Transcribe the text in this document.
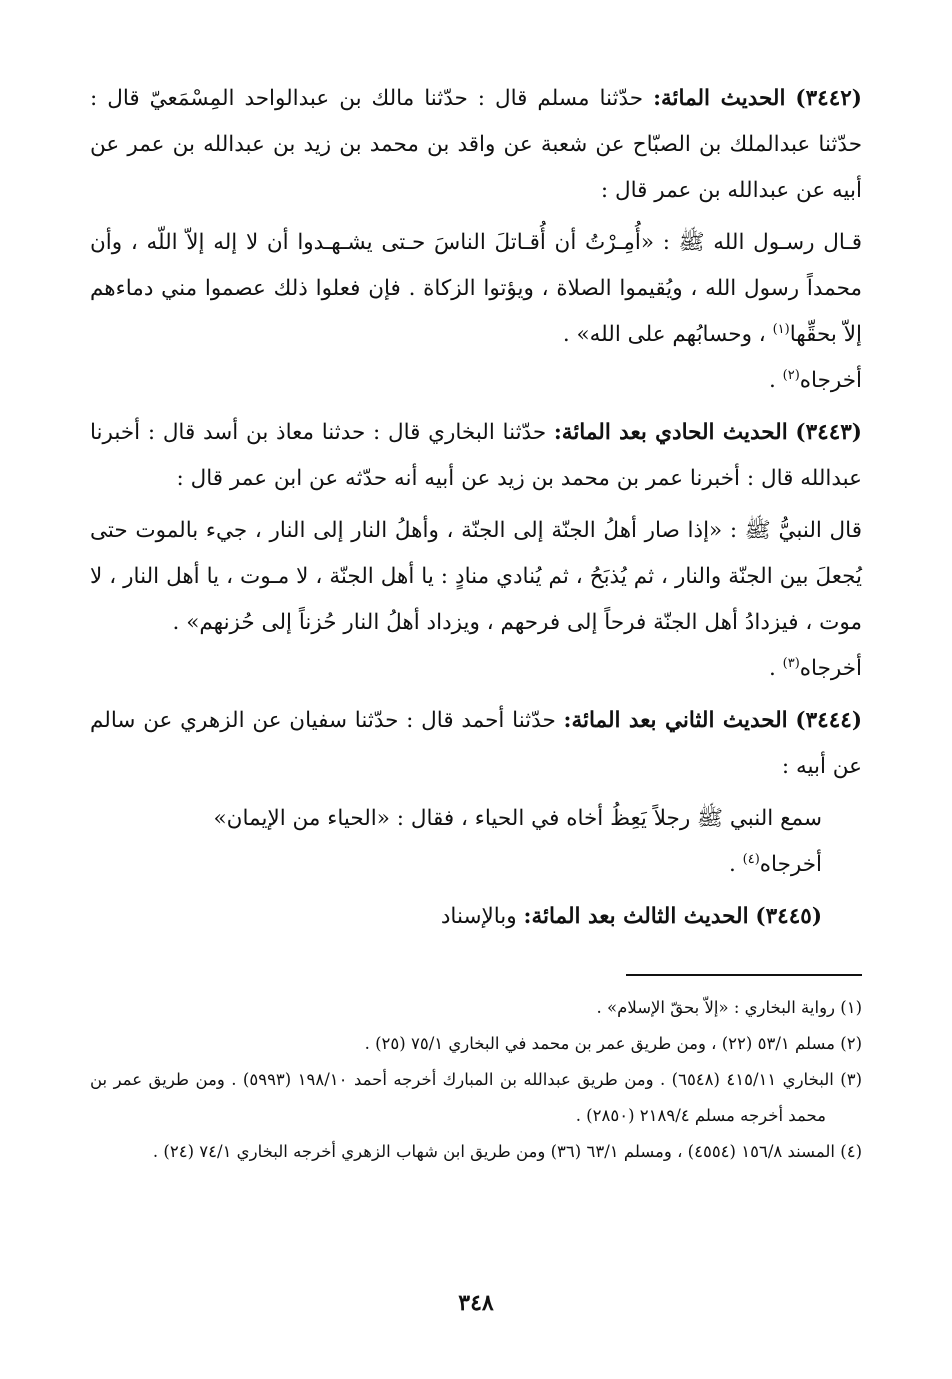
(٣٤٤٢) الحديث المائة: حدّثنا مسلم قال : حدّثنا مالك بن عبدالواحد المِسْمَعيّ قال : حدّثنا عبدالملك بن الصبّاح عن شعبة عن واقد بن محمد بن زيد بن عبدالله بن عمر عن أبيه عن عبدالله بن عمر قال :

قـال رسـول الله ﷺ : «أُمِـرْتُ أن أُقـاتلَ الناسَ حـتى يشـهـدوا أن لا إله إلاّ اللّه ، وأن محمداً رسول الله ، ويُقيموا الصلاة ، ويؤتوا الزكاة . فإن فعلوا ذلك عصموا مني دماءهم إلاّ بحقِّها$^{(١)}$ ، وحسابُهم على الله» .

أخرجاه$^{(٢)}$ .

(٣٤٤٣) الحديث الحادي بعد المائة: حدّثنا البخاري قال : حدثنا معاذ بن أسد قال : أخبرنا عبدالله قال : أخبرنا عمر بن محمد بن زيد عن أبيه أنه حدّثه عن ابن عمر قال :

قال النبيُّ ﷺ : «إذا صار أهلُ الجنّة إلى الجنّة ، وأهلُ النار إلى النار ، جيء بالموت حتى يُجعلَ بين الجنّة والنار ، ثم يُذبَحُ ، ثم يُنادي منادٍ : يا أهل الجنّة ، لا مـوت ، يا أهل النار ، لا موت ، فيزدادُ أهل الجنّة فرحاً إلى فرحهم ، ويزداد أهلُ النار حُزناً إلى حُزنهم» .

أخرجاه$^{(٣)}$ .

(٣٤٤٤) الحديث الثاني بعد المائة: حدّثنا أحمد قال : حدّثنا سفيان عن الزهري عن سالم عن أبيه :

سمع النبي ﷺ رجلاً يَعِظُ أخاه في الحياء ، فقال : «الحياء من الإيمان»

أخرجاه$^{(٤)}$ .

(٣٤٤٥) الحديث الثالث بعد المائة: وبالإسناد

(١) رواية البخاري : «إلاّ بحقّ الإسلام» .

(٢) مسلم ٥٣/١ (٢٢) ، ومن طريق عمر بن محمد في البخاري ٧٥/١ (٢٥) .

(٣) البخاري ٤١٥/١١ (٦٥٤٨) . ومن طريق عبدالله بن المبارك أخرجه أحمد ١٩٨/١٠ (٥٩٩٣) . ومن طريق عمر بن محمد أخرجه مسلم ٢١٨٩/٤ (٢٨٥٠) .

(٤) المسند ١٥٦/٨ (٤٥٥٤) ، ومسلم ٦٣/١ (٣٦) ومن طريق ابن شهاب الزهري أخرجه البخاري ٧٤/١ (٢٤) .

٣٤٨
